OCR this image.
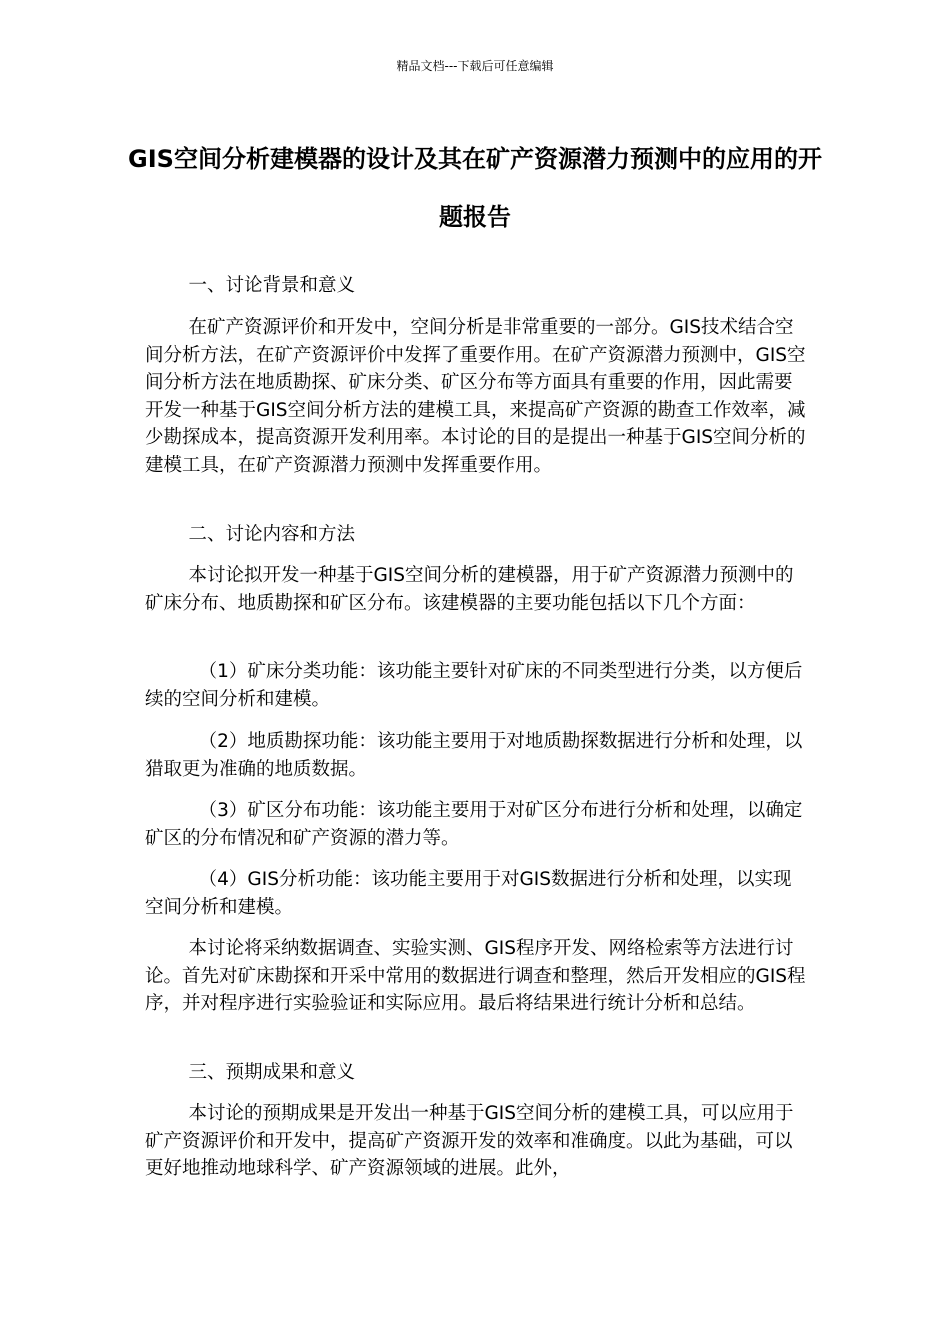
精品文档---下载后可任意编辑
GIS空间分析建模器的设计及其在矿产资源潜力预测中的应用的开题报告

一、讨论背景和意义

在矿产资源评价和开发中，空间分析是非常重要的一部分。GIS技术结合空间分析方法，在矿产资源评价中发挥了重要作用。在矿产资源潜力预测中，GIS空间分析方法在地质勘探、矿床分类、矿区分布等方面具有重要的作用，因此需要开发一种基于GIS空间分析方法的建模工具，来提高矿产资源的勘查工作效率，减少勘探成本，提高资源开发利用率。本讨论的目的是提出一种基于GIS空间分析的建模工具，在矿产资源潜力预测中发挥重要作用。

二、讨论内容和方法

本讨论拟开发一种基于GIS空间分析的建模器，用于矿产资源潜力预测中的矿床分布、地质勘探和矿区分布。该建模器的主要功能包括以下几个方面：

（1）矿床分类功能：该功能主要针对矿床的不同类型进行分类，以方便后续的空间分析和建模。

（2）地质勘探功能：该功能主要用于对地质勘探数据进行分析和处理，以猎取更为准确的地质数据。

（3）矿区分布功能：该功能主要用于对矿区分布进行分析和处理，以确定矿区的分布情况和矿产资源的潜力等。

（4）GIS分析功能：该功能主要用于对GIS数据进行分析和处理，以实现空间分析和建模。

本讨论将采纳数据调查、实验实测、GIS程序开发、网络检索等方法进行讨论。首先对矿床勘探和开采中常用的数据进行调查和整理，然后开发相应的GIS程序，并对程序进行实验验证和实际应用。最后将结果进行统计分析和总结。

三、预期成果和意义

本讨论的预期成果是开发出一种基于GIS空间分析的建模工具，可以应用于矿产资源评价和开发中，提高矿产资源开发的效率和准确度。以此为基础，可以更好地推动地球科学、矿产资源领域的进展。此外，
